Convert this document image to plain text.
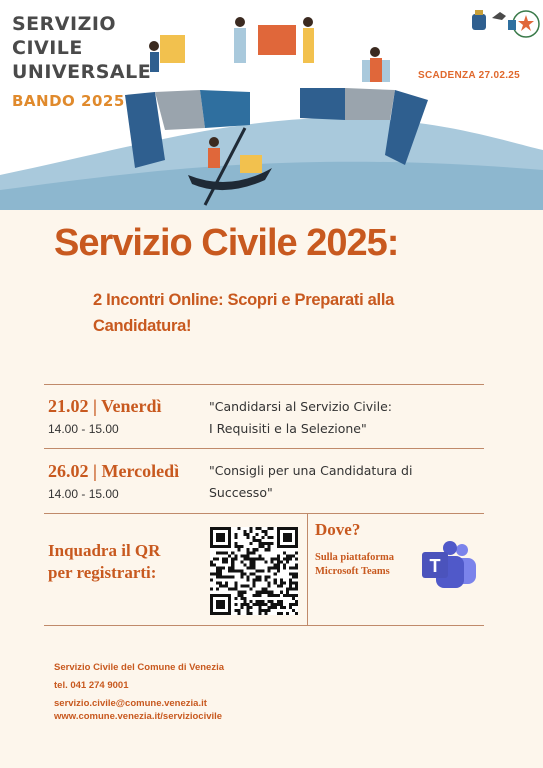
SERVIZIO
CIVILE
UNIVERSALE
BANDO 2025
SCADENZA 27.02.25
Servizio Civile 2025:
2 Incontri Online: Scopri e Preparati alla Candidatura!
21.02 | Venerdì
14.00 - 15.00
"Candidarsi al Servizio Civile:
I Requisiti e la Selezione"
26.02 | Mercoledì
14.00 - 15.00
"Consigli per una Candidatura di
Successo"
Inquadra il QR
per registrarti:
Dove?
Sulla piattaforma
Microsoft Teams T
Servizio Civile del Comune di Venezia
tel. 041 274 9001
servizio.civile@comune.venezia.it
www.comune.venezia.it/serviziocivile
